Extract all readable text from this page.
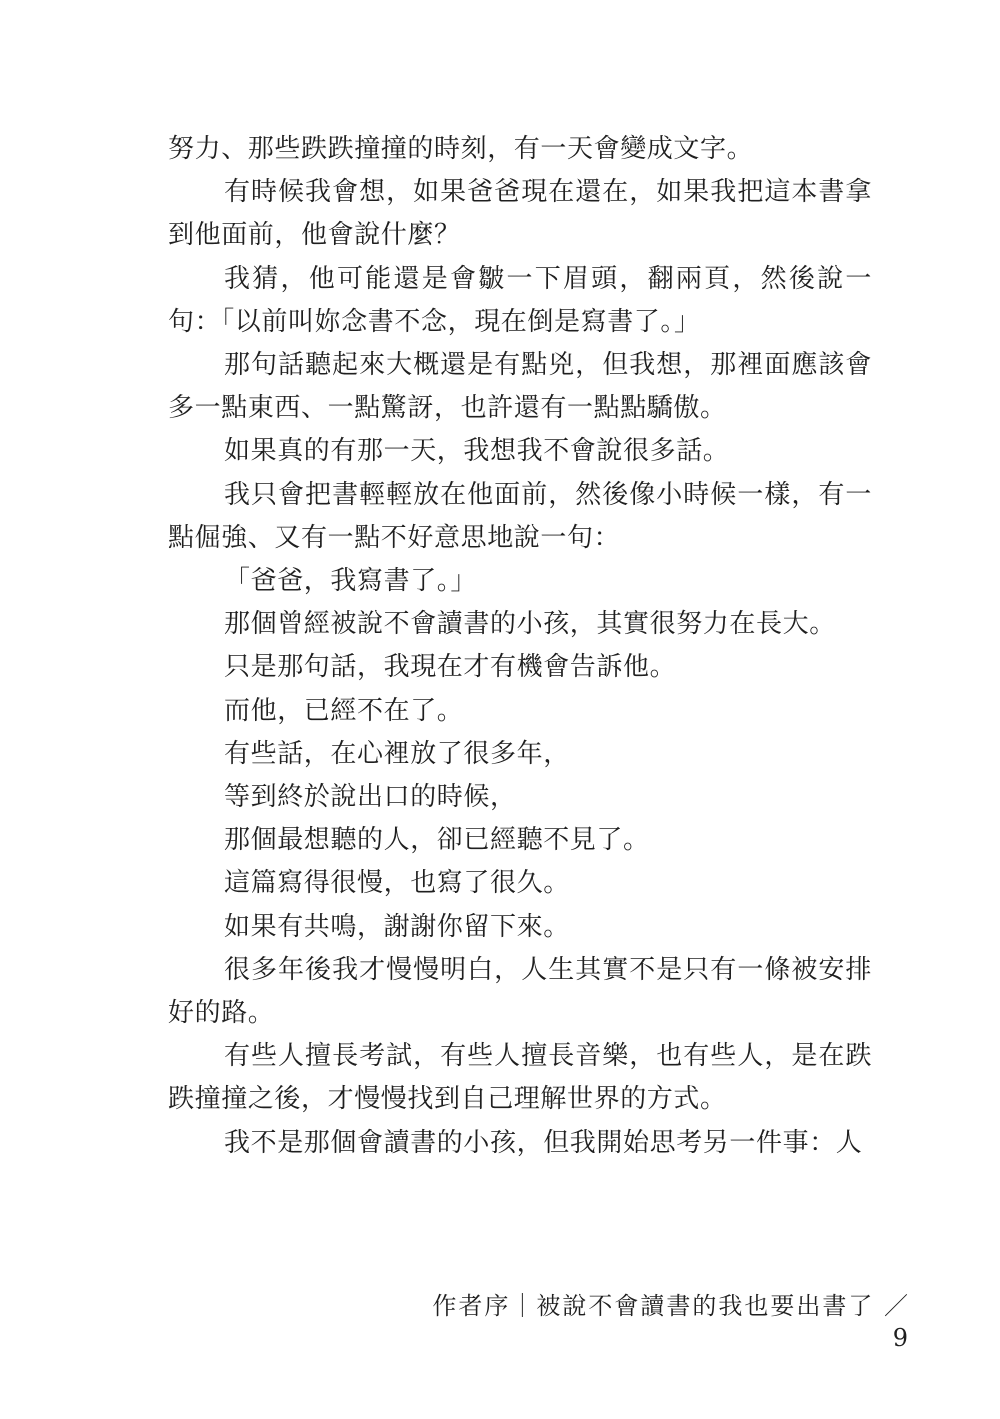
努力、那些跌跌撞撞的時刻，有一天會變成文字。

有時候我會想，如果爸爸現在還在，如果我把這本書拿到他面前，他會說什麼？

我猜，他可能還是會皺一下眉頭，翻兩頁，然後說一句：「以前叫妳念書不念，現在倒是寫書了。」

那句話聽起來大概還是有點兇，但我想，那裡面應該會多一點東西、一點驚訝，也許還有一點點驕傲。

如果真的有那一天，我想我不會說很多話。

我只會把書輕輕放在他面前，然後像小時候一樣，有一點倔強、又有一點不好意思地說一句：

「爸爸，我寫書了。」

那個曾經被說不會讀書的小孩，其實很努力在長大。

只是那句話，我現在才有機會告訴他。

而他，已經不在了。

有些話，在心裡放了很多年，

等到終於說出口的時候，

那個最想聽的人，卻已經聽不見了。

這篇寫得很慢，也寫了很久。

如果有共鳴，謝謝你留下來。

很多年後我才慢慢明白，人生其實不是只有一條被安排好的路。

有些人擅長考試，有些人擅長音樂，也有些人，是在跌跌撞撞之後，才慢慢找到自己理解世界的方式。

我不是那個會讀書的小孩，但我開始思考另一件事：人

作者序｜被說不會讀書的我也要出書了 ／ 9
